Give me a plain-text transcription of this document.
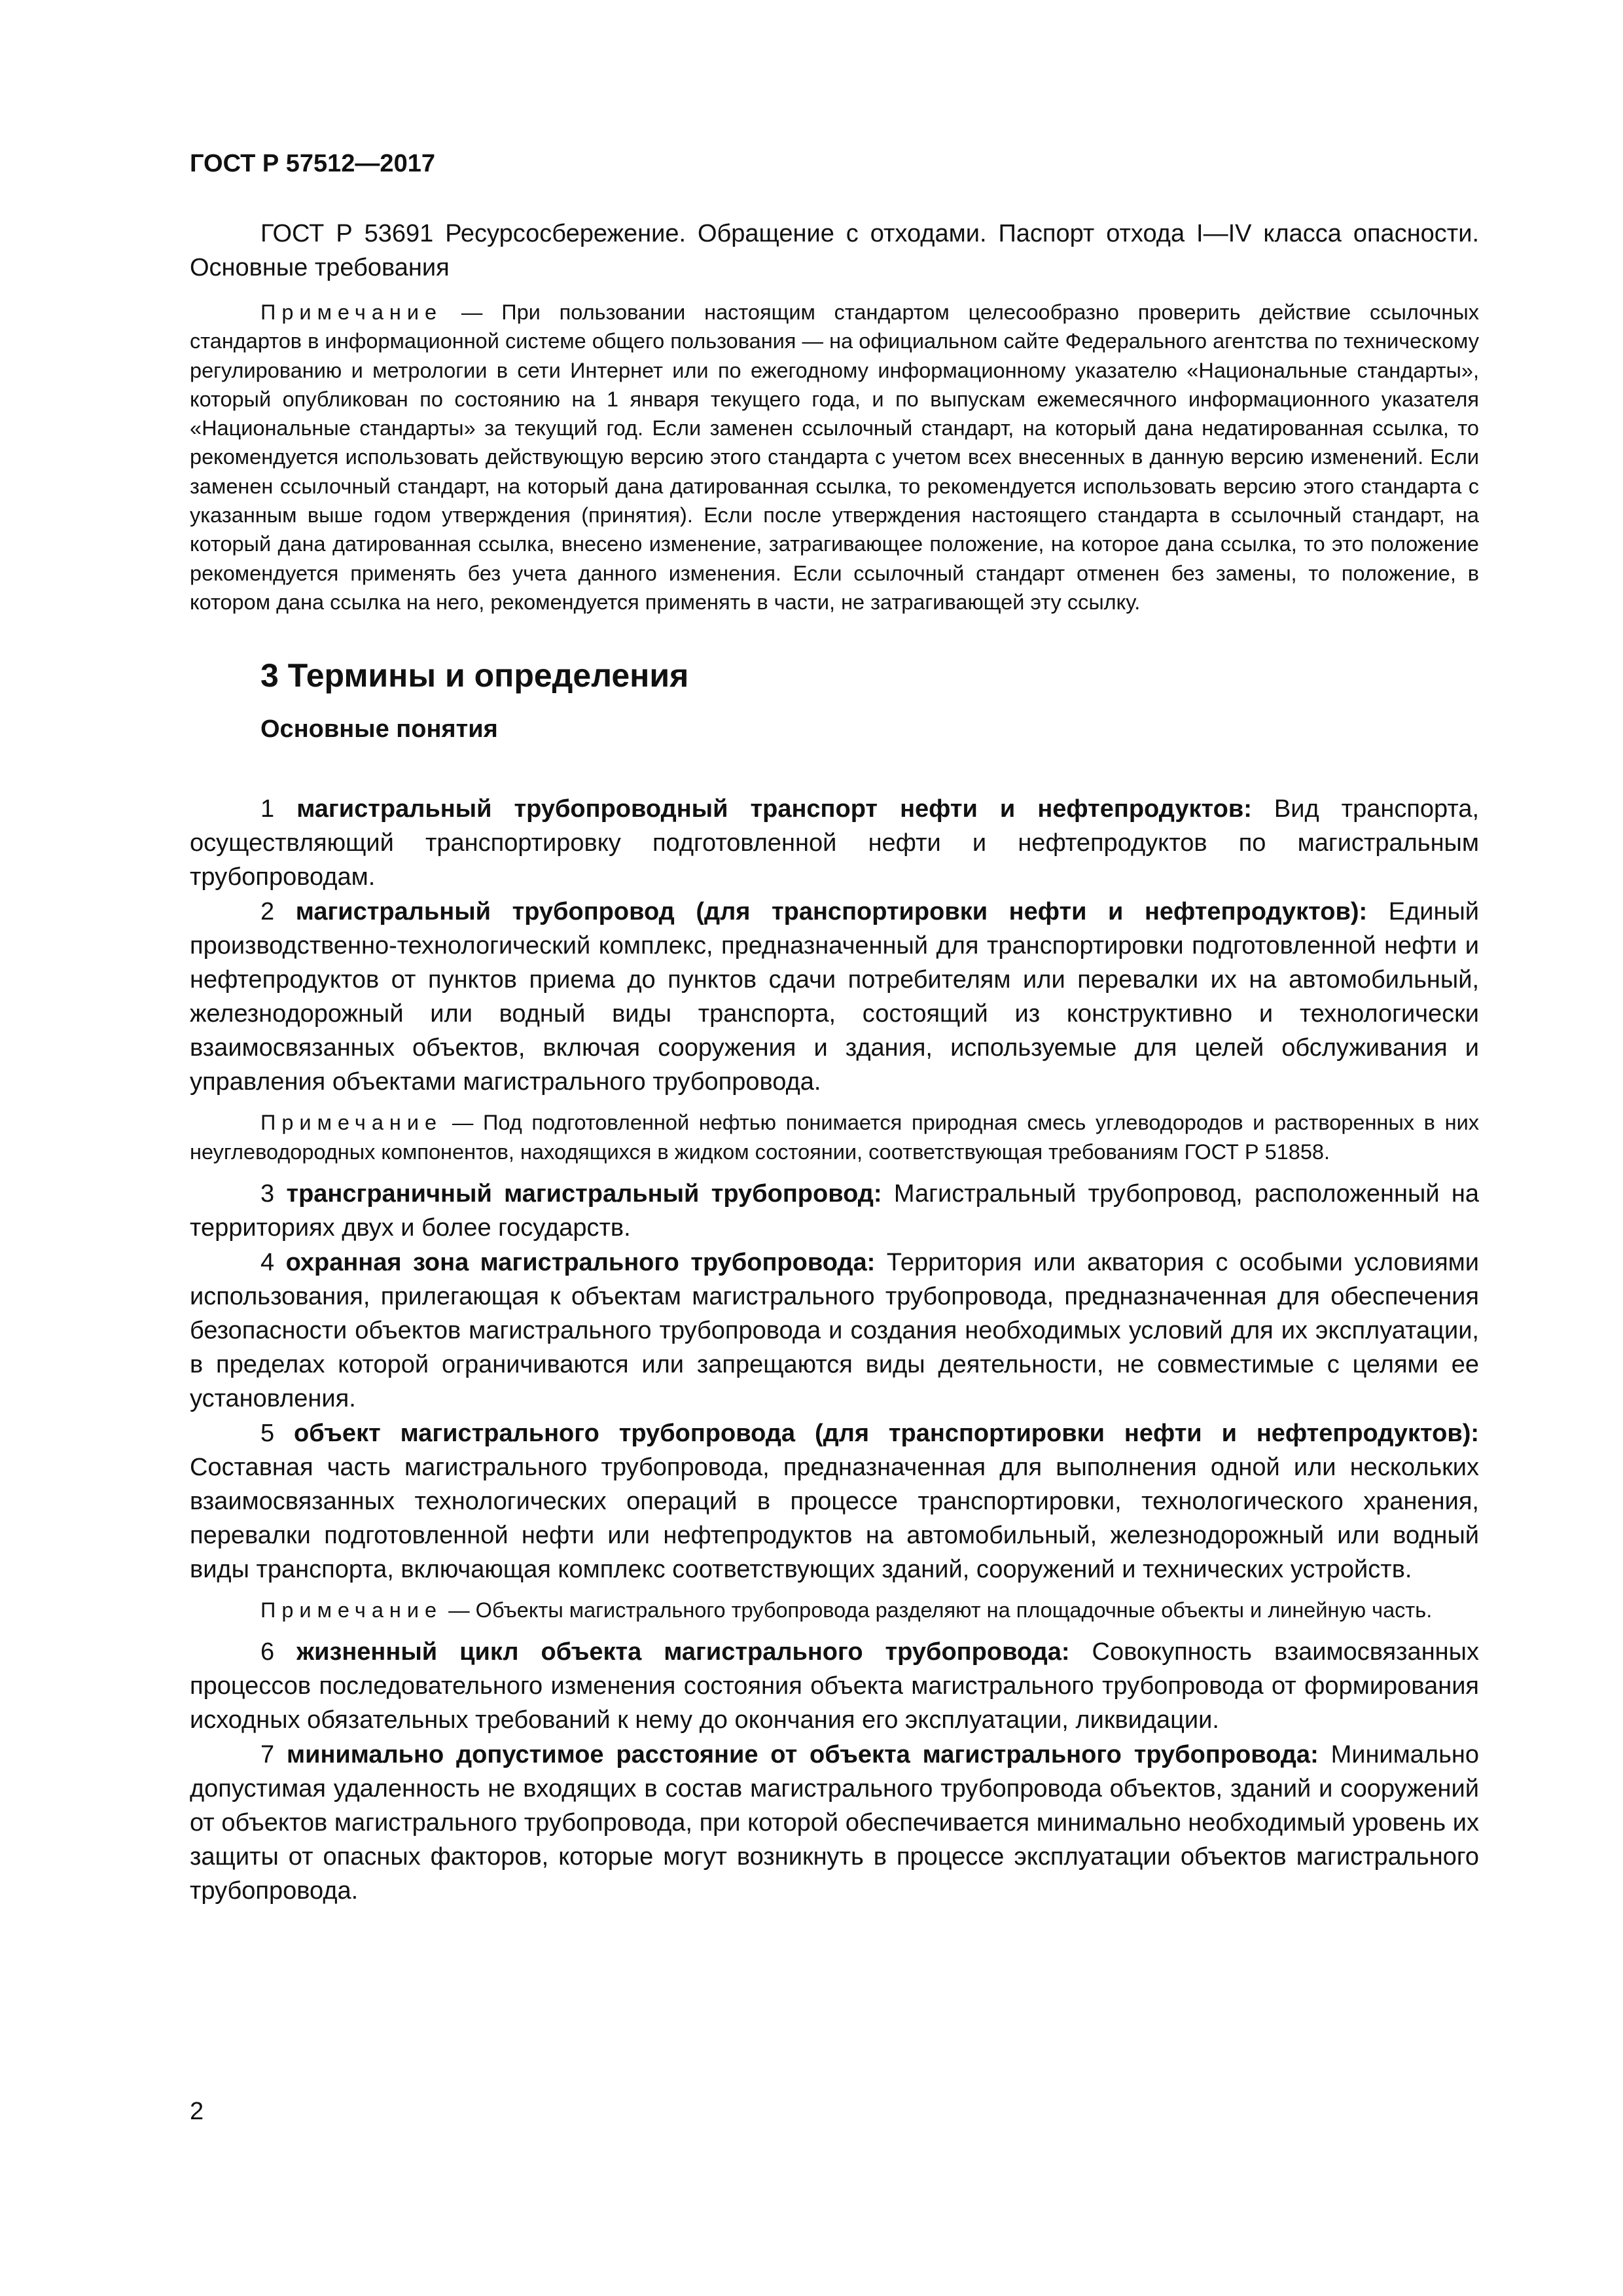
ГОСТ Р 57512—2017

ГОСТ Р 53691 Ресурсосбережение. Обращение с отходами. Паспорт отхода I—IV класса опасности. Основные требования

Примечание — При пользовании настоящим стандартом целесообразно проверить действие ссылочных стандартов в информационной системе общего пользования — на официальном сайте Федерального агентства по техническому регулированию и метрологии в сети Интернет или по ежегодному информационному указателю «Национальные стандарты», который опубликован по состоянию на 1 января текущего года, и по выпускам ежемесячного информационного указателя «Национальные стандарты» за текущий год. Если заменен ссылочный стандарт, на который дана недатированная ссылка, то рекомендуется использовать действующую версию этого стандарта с учетом всех внесенных в данную версию изменений. Если заменен ссылочный стандарт, на который дана датированная ссылка, то рекомендуется использовать версию этого стандарта с указанным выше годом утверждения (принятия). Если после утверждения настоящего стандарта в ссылочный стандарт, на который дана датированная ссылка, внесено изменение, затрагивающее положение, на которое дана ссылка, то это положение рекомендуется применять без учета данного изменения. Если ссылочный стандарт отменен без замены, то положение, в котором дана ссылка на него, рекомендуется применять в части, не затрагивающей эту ссылку.

3 Термины и определения
Основные понятия

1 магистральный трубопроводный транспорт нефти и нефтепродуктов: Вид транспорта, осуществляющий транспортировку подготовленной нефти и нефтепродуктов по магистральным трубопроводам.

2 магистральный трубопровод (для транспортировки нефти и нефтепродуктов): Единый производственно-технологический комплекс, предназначенный для транспортировки подготовленной нефти и нефтепродуктов от пунктов приема до пунктов сдачи потребителям или перевалки их на автомобильный, железнодорожный или водный виды транспорта, состоящий из конструктивно и технологически взаимосвязанных объектов, включая сооружения и здания, используемые для целей обслуживания и управления объектами магистрального трубопровода.

Примечание — Под подготовленной нефтью понимается природная смесь углеводородов и растворенных в них неуглеводородных компонентов, находящихся в жидком состоянии, соответствующая требованиям ГОСТ Р 51858.

3 трансграничный магистральный трубопровод: Магистральный трубопровод, расположенный на территориях двух и более государств.

4 охранная зона магистрального трубопровода: Территория или акватория с особыми условиями использования, прилегающая к объектам магистрального трубопровода, предназначенная для обеспечения безопасности объектов магистрального трубопровода и создания необходимых условий для их эксплуатации, в пределах которой ограничиваются или запрещаются виды деятельности, не совместимые с целями ее установления.

5 объект магистрального трубопровода (для транспортировки нефти и нефтепродуктов): Составная часть магистрального трубопровода, предназначенная для выполнения одной или нескольких взаимосвязанных технологических операций в процессе транспортировки, технологического хранения, перевалки подготовленной нефти или нефтепродуктов на автомобильный, железнодорожный или водный виды транспорта, включающая комплекс соответствующих зданий, сооружений и технических устройств.

Примечание — Объекты магистрального трубопровода разделяют на площадочные объекты и линейную часть.

6 жизненный цикл объекта магистрального трубопровода: Совокупность взаимосвязанных процессов последовательного изменения состояния объекта магистрального трубопровода от формирования исходных обязательных требований к нему до окончания его эксплуатации, ликвидации.

7 минимально допустимое расстояние от объекта магистрального трубопровода: Минимально допустимая удаленность не входящих в состав магистрального трубопровода объектов, зданий и сооружений от объектов магистрального трубопровода, при которой обеспечивается минимально необходимый уровень их защиты от опасных факторов, которые могут возникнуть в процессе эксплуатации объектов магистрального трубопровода.

2
